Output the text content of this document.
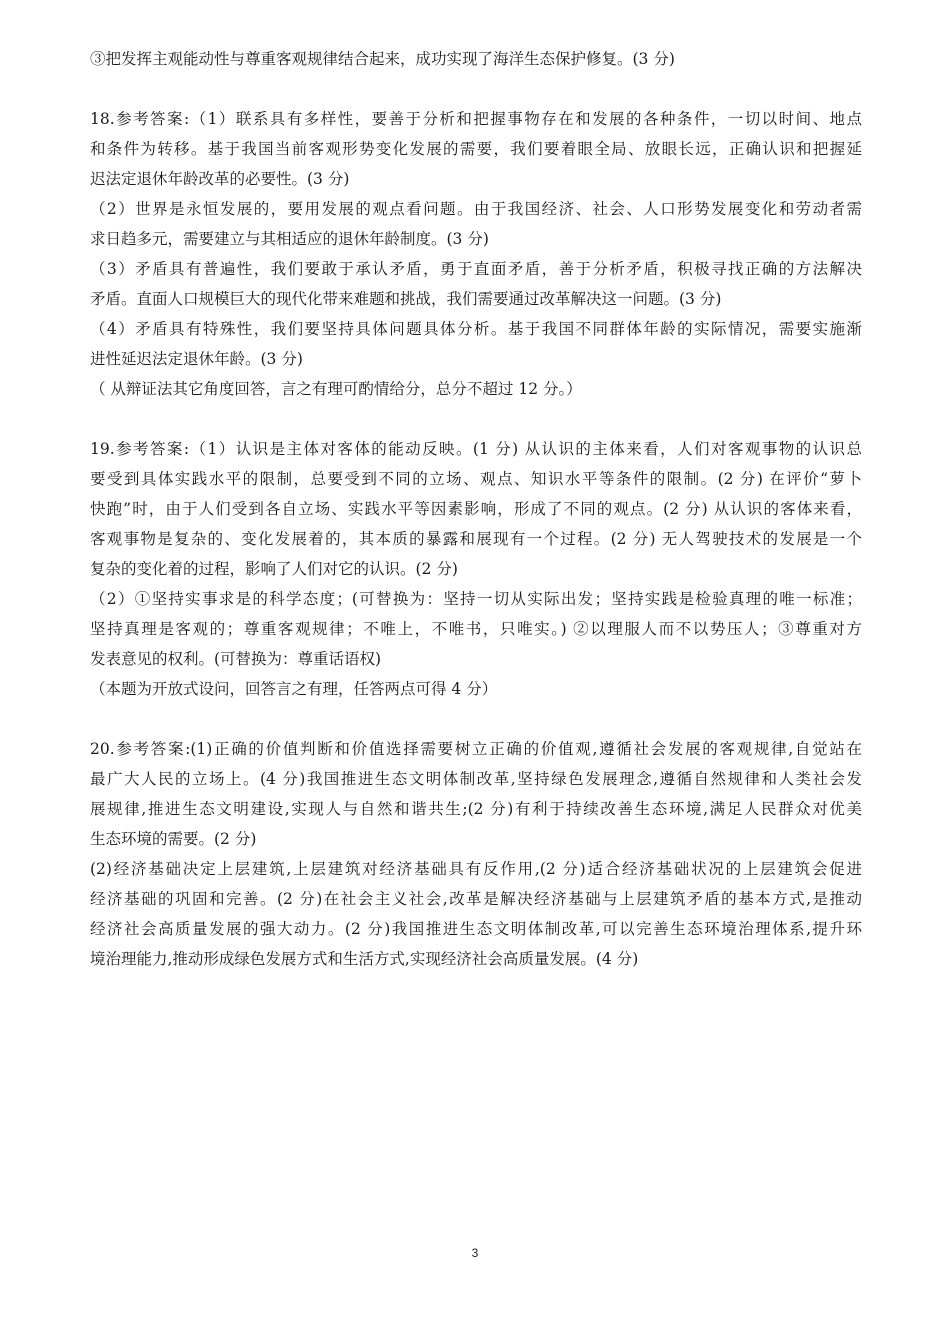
③把发挥主观能动性与尊重客观规律结合起来，成功实现了海洋生态保护修复。(3 分)
18.参考答案:（1）联系具有多样性，要善于分析和把握事物存在和发展的各种条件，一切以时间、地点
和条件为转移。基于我国当前客观形势变化发展的需要，我们要着眼全局、放眼长远，正确认识和把握延
迟法定退休年龄改革的必要性。(3 分)
（2）世界是永恒发展的，要用发展的观点看问题。由于我国经济、社会、人口形势发展变化和劳动者需
求日趋多元，需要建立与其相适应的退休年龄制度。(3 分)
（3）矛盾具有普遍性，我们要敢于承认矛盾，勇于直面矛盾，善于分析矛盾，积极寻找正确的方法解决
矛盾。直面人口规模巨大的现代化带来难题和挑战，我们需要通过改革解决这一问题。(3 分)
（4）矛盾具有特殊性，我们要坚持具体问题具体分析。基于我国不同群体年龄的实际情况，需要实施渐
进性延迟法定退休年龄。(3 分)
（ 从辩证法其它角度回答，言之有理可酌情给分，总分不超过 12 分。）
19.参考答案:（1）认识是主体对客体的能动反映。(1 分) 从认识的主体来看，人们对客观事物的认识总
要受到具体实践水平的限制，总要受到不同的立场、观点、知识水平等条件的限制。(2 分) 在评价“萝卜
快跑”时，由于人们受到各自立场、实践水平等因素影响，形成了不同的观点。(2 分) 从认识的客体来看，
客观事物是复杂的、变化发展着的，其本质的暴露和展现有一个过程。(2 分) 无人驾驶技术的发展是一个
复杂的变化着的过程，影响了人们对它的认识。(2 分)
（2）①坚持实事求是的科学态度；(可替换为：坚持一切从实际出发；坚持实践是检验真理的唯一标准；
坚持真理是客观的；尊重客观规律；不唯上，不唯书，只唯实。) ②以理服人而不以势压人；③尊重对方
发表意见的权利。(可替换为：尊重话语权)
（本题为开放式设问，回答言之有理，任答两点可得 4 分）
20.参考答案:(1)正确的价值判断和价值选择需要树立正确的价值观,遵循社会发展的客观规律,自觉站在
最广大人民的立场上。(4 分)我国推进生态文明体制改革,坚持绿色发展理念,遵循自然规律和人类社会发
展规律,推进生态文明建设,实现人与自然和谐共生;(2 分)有利于持续改善生态环境,满足人民群众对优美
生态环境的需要。(2 分)
(2)经济基础决定上层建筑,上层建筑对经济基础具有反作用,(2 分)适合经济基础状况的上层建筑会促进
经济基础的巩固和完善。(2 分)在社会主义社会,改革是解决经济基础与上层建筑矛盾的基本方式,是推动
经济社会高质量发展的强大动力。(2 分)我国推进生态文明体制改革,可以完善生态环境治理体系,提升环
境治理能力,推动形成绿色发展方式和生活方式,实现经济社会高质量发展。(4 分)
3
